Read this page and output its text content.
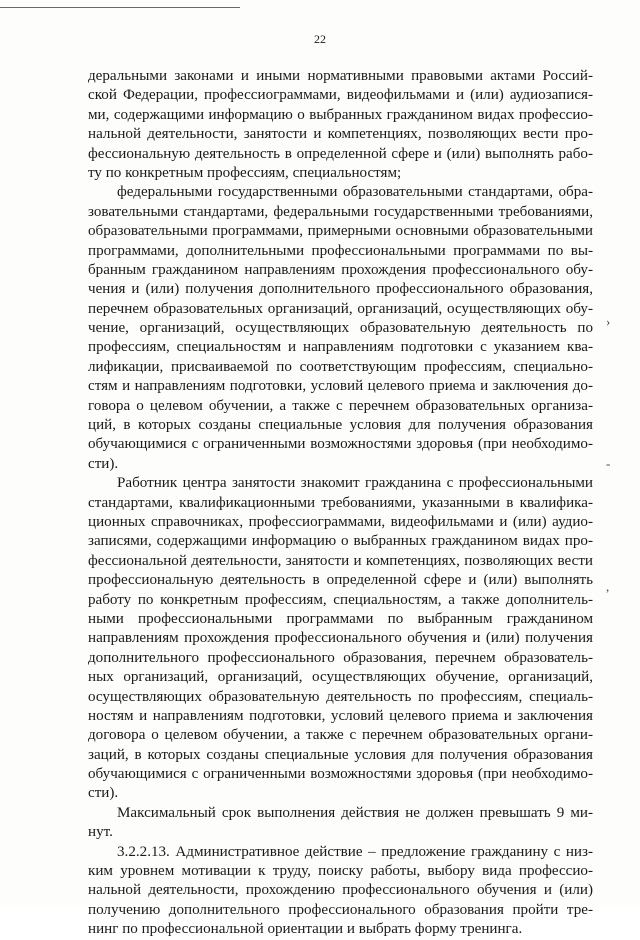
22
деральными законами и иными нормативными правовыми актами Россий-
ской Федерации, профессиограммами, видеофильмами и (или) аудиозапися-
ми, содержащими информацию о выбранных гражданином видах профессио-
нальной деятельности, занятости и компетенциях, позволяющих вести про-
фессиональную деятельность в определенной сфере и (или) выполнять рабо-
ту по конкретным профессиям, специальностям;
федеральными государственными образовательными стандартами, обра-
зовательными стандартами, федеральными государственными требованиями,
образовательными программами, примерными основными образовательными
программами, дополнительными профессиональными программами по вы-
бранным гражданином направлениям прохождения профессионального обу-
чения и (или) получения дополнительного профессионального образования,
перечнем образовательных организаций, организаций, осуществляющих обу-
чение, организаций, осуществляющих образовательную деятельность по
профессиям, специальностям и направлениям подготовки с указанием ква-
лификации, присваиваемой по соответствующим профессиям, специально-
стям и направлениям подготовки, условий целевого приема и заключения до-
говора о целевом обучении, а также с перечнем образовательных организа-
ций, в которых созданы специальные условия для получения образования
обучающимися с ограниченными возможностями здоровья (при необходимо-
сти).
Работник центра занятости знакомит гражданина с профессиональными
стандартами, квалификационными требованиями, указанными в квалифика-
ционных справочниках, профессиограммами, видеофильмами и (или) аудио-
записями, содержащими информацию о выбранных гражданином видах про-
фессиональной деятельности, занятости и компетенциях, позволяющих вести
профессиональную деятельность в определенной сфере и (или) выполнять
работу по конкретным профессиям, специальностям, а также дополнитель-
ными профессиональными программами по выбранным гражданином
направлениям прохождения профессионального обучения и (или) получения
дополнительного профессионального образования, перечнем образователь-
ных организаций, организаций, осуществляющих обучение, организаций,
осуществляющих образовательную деятельность по профессиям, специаль-
ностям и направлениям подготовки, условий целевого приема и заключения
договора о целевом обучении, а также с перечнем образовательных органи-
заций, в которых созданы специальные условия для получения образования
обучающимися с ограниченными возможностями здоровья (при необходимо-
сти).
Максимальный срок выполнения действия не должен превышать 9 ми-
нут.
3.2.2.13. Административное действие – предложение гражданину с низ-
ким уровнем мотивации к труду, поиску работы, выбору вида профессио-
нальной деятельности, прохождению профессионального обучения и (или)
получению дополнительного профессионального образования пройти тре-
нинг по профессиональной ориентации и выбрать форму тренинга.
›
-
,
